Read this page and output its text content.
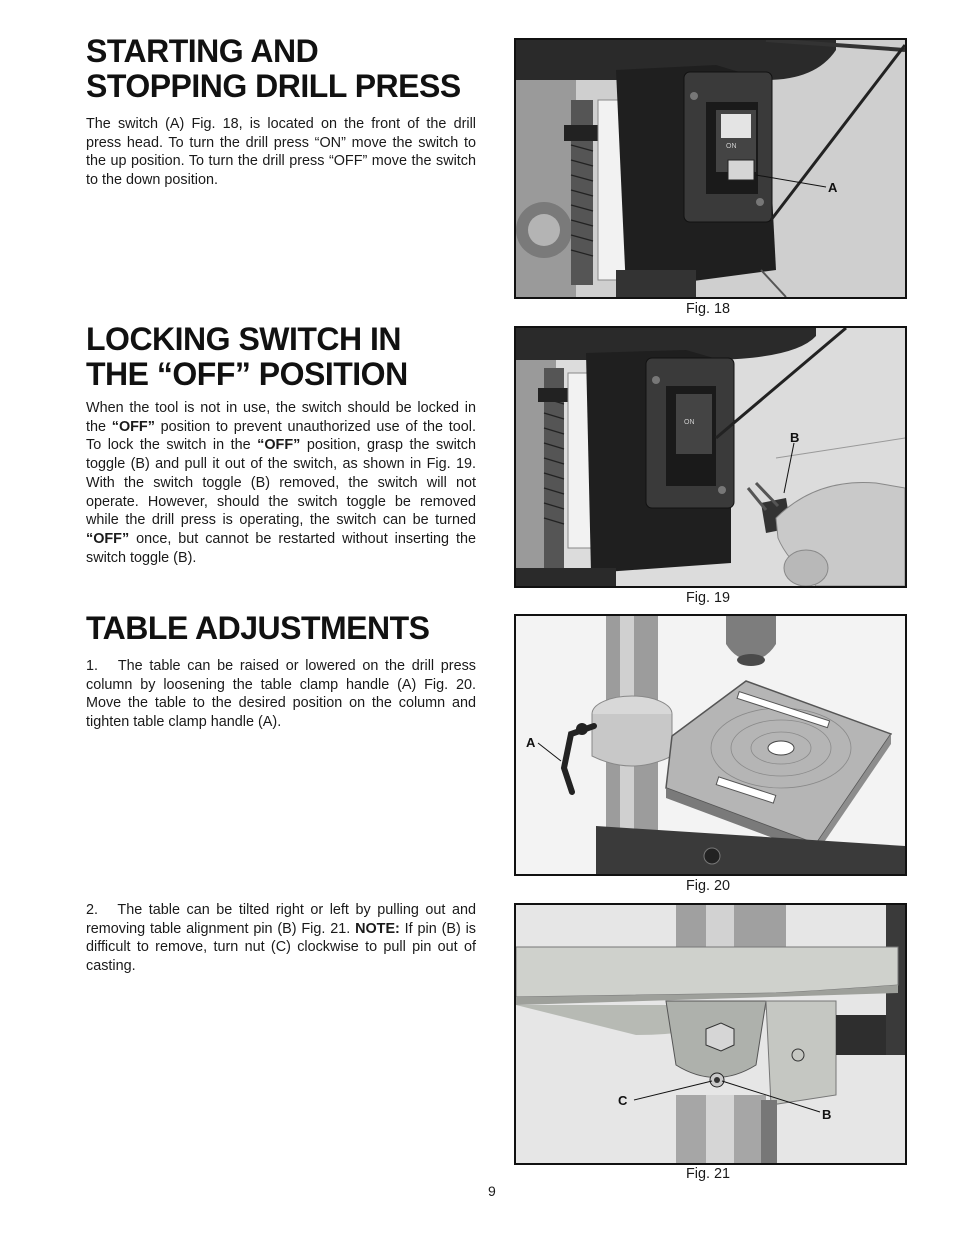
STARTING AND
STOPPING DRILL PRESS

The switch (A) Fig. 18, is located on the front of the drill press head. To turn the drill press “ON” move the switch to the up position. To turn the drill press “OFF” move the switch to the down position.

LOCKING SWITCH IN
THE “OFF” POSITION

When the tool is not in use, the switch should be locked in the “OFF” position to prevent unauthorized use of the tool. To lock the switch in the “OFF” position, grasp the switch toggle (B) and pull it out of the switch, as shown in Fig. 19. With the switch toggle (B) removed, the switch will not operate. However, should the switch toggle be removed while the drill press is operating, the switch can be turned “OFF” once, but cannot be restarted without inserting the switch toggle (B).

TABLE ADJUSTMENTS

1.   The table can be raised or lowered on the drill press column by loosening the table clamp handle (A) Fig. 20. Move the table to the desired position on the column and tighten table clamp handle (A).

2.   The table can be tilted right or left by pulling out and removing table alignment pin (B) Fig. 21. NOTE: If pin (B) is difficult to remove, turn nut (C) clockwise to pull pin out of casting.

ON
A
Fig. 18
ON
B
Fig. 19
A
Fig. 20
C
B
Fig. 21
9
